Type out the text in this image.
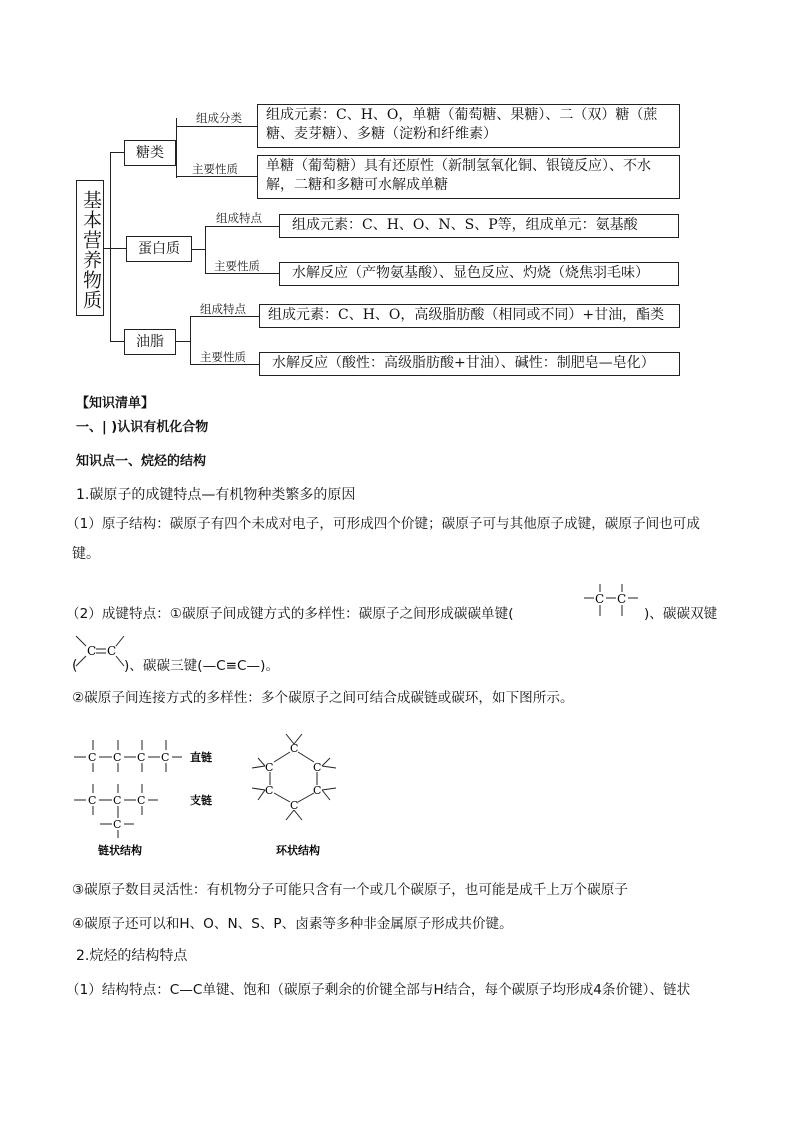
基本营养物质
糖类
组成分类
主要性质
组成元素：C、H、O，单糖（葡萄糖、果糖）、二（双）糖（蔗糖、麦芽糖）、多糖（淀粉和纤维素）
单糖（葡萄糖）具有还原性（新制氢氧化铜、银镜反应）、不水解，二糖和多糖可水解成单糖
蛋白质
组成特点
主要性质
组成元素：C、H、O、N、S、P等，组成单元：氨基酸
水解反应（产物氨基酸）、显色反应、灼烧（烧焦羽毛味）
油脂
组成特点
主要性质
组成元素：C、H、O，高级脂肪酸（相同或不同）+甘油，酯类
水解反应（酸性：高级脂肪酸+甘油）、碱性：制肥皂—皂化）
【知识清单】
一、| )认识有机化合物
知识点一、烷烃的结构
1.碳原子的成键特点—有机物种类繁多的原因
（1）原子结构：碳原子有四个未成对电子，可形成四个价键；碳原子可与其他原子成键，碳原子间也可成
键。
（2）成键特点：①碳原子间成键方式的多样性：碳原子之间形成碳碳单键(
C C
)、碳碳双键
(
C C
)、碳碳三键(—C≡C—)。
②碳原子间连接方式的多样性：多个碳原子之间可结合成碳链或碳环，如下图所示。
C C C C
C C C
C
直链
支链
链状结构
C
C
C
C
C
C
环状结构
③碳原子数目灵活性：有机物分子可能只含有一个或几个碳原子，也可能是成千上万个碳原子
④碳原子还可以和H、O、N、S、P、卤素等多种非金属原子形成共价键。
2.烷烃的结构特点
（1）结构特点：C—C单键、饱和（碳原子剩余的价键全部与H结合，每个碳原子均形成4条价键）、链状
